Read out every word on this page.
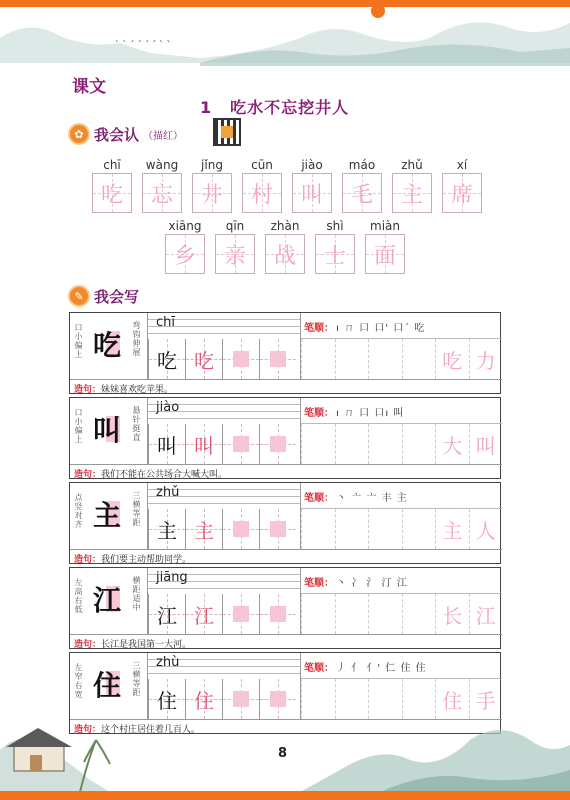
ˎ ˎ ˏ ˏ ˏ ˏ ˎ ˎ
课文
1 吃水不忘挖井人
✿ 我会认 （描红）
chī
吃
wàng
忘
jǐng
井
cūn
村
jiào
叫
máo
毛
zhǔ
主
xí
席
xiāng
乡
qīn
亲
zhàn
战
shì
士
miàn
面
✎ 我会写
口小偏上 吃
弯钩伸展
chī
吃 吃
笔顺： ı ㄇ 口 口' 口ˊ 吃
吃 力
造句：妹妹喜欢吃苹果。
口小偏上 叫
悬针挺直
jiào
叫 叫
笔顺： ı ㄇ 口 口ı 叫
大 叫
造句：我们不能在公共场合大喊大叫。
点竖对齐 主
三横等距
zhǔ
主 主
笔顺： 丶 亠 亠 丰 主
主 人
造句：我们要主动帮助同学。
左高右低 江
横距适中
jiāng
江 江
笔顺： 丶 冫 氵 汀 江
长 江
造句：长江是我国第一大河。
左窄右宽 住
三横等距
zhù
住 住
笔顺： 丿 亻 亻' 仁 住 住
住 手
造句：这个村庄居住着几百人。
8
